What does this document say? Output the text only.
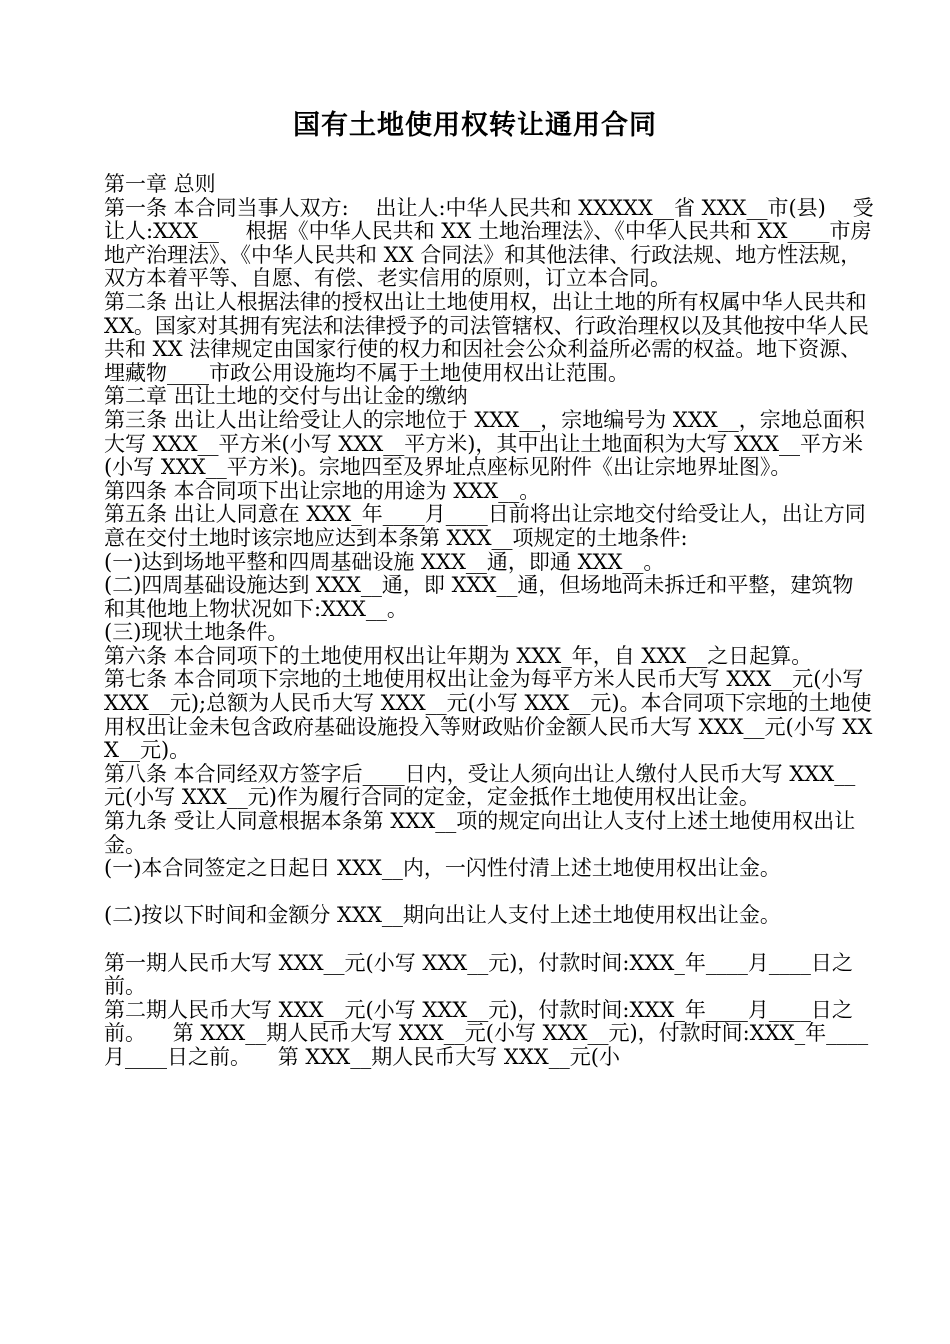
国有土地使用权转让通用合同

第一章 总则

第一条 本合同当事人双方:    出让人:中华人民共和 XXXXX__省 XXX__市(县)    受让人:XXX__    根据《中华人民共和 XX 土地治理法》、《中华人民共和 XX____市房地产治理法》、《中华人民共和 XX 合同法》和其他法律、行政法规、地方性法规，双方本着平等、自愿、有偿、老实信用的原则，订立本合同。

第二条 出让人根据法律的授权出让土地使用权，出让土地的所有权属中华人民共和 XX。国家对其拥有宪法和法律授予的司法管辖权、行政治理权以及其他按中华人民共和 XX 法律规定由国家行使的权力和因社会公众利益所必需的权益。地下资源、埋藏物____市政公用设施均不属于土地使用权出让范围。

第二章 出让土地的交付与出让金的缴纳

第三条 出让人出让给受让人的宗地位于 XXX__，宗地编号为 XXX__，宗地总面积大写 XXX__平方米(小写 XXX__平方米)，其中出让土地面积为大写 XXX__平方米(小写 XXX__平方米)。宗地四至及界址点座标见附件《出让宗地界址图》。

第四条 本合同项下出让宗地的用途为 XXX__。

第五条 出让人同意在 XXX_年____月____日前将出让宗地交付给受让人，出让方同意在交付土地时该宗地应达到本条第 XXX__项规定的土地条件:

(一)达到场地平整和四周基础设施 XXX__通，即通 XXX__。

(二)四周基础设施达到 XXX__通，即 XXX__通，但场地尚未拆迁和平整，建筑物和其他地上物状况如下:XXX__。

(三)现状土地条件。

第六条 本合同项下的土地使用权出让年期为 XXX_年，自 XXX__之日起算。

第七条 本合同项下宗地的土地使用权出让金为每平方米人民币大写 XXX__元(小写 XXX__元);总额为人民币大写 XXX__元(小写 XXX__元)。本合同项下宗地的土地使用权出让金未包含政府基础设施投入等财政贴价金额人民币大写 XXX__元(小写 XXX__元)。

第八条 本合同经双方签字后____日内，受让人须向出让人缴付人民币大写 XXX__元(小写 XXX__元)作为履行合同的定金，定金抵作土地使用权出让金。

第九条 受让人同意根据本条第 XXX__项的规定向出让人支付上述土地使用权出让金。

(一)本合同签定之日起日 XXX__内，一闪性付清上述土地使用权出让金。

(二)按以下时间和金额分 XXX__期向出让人支付上述土地使用权出让金。

第一期人民币大写 XXX__元(小写 XXX__元)，付款时间:XXX_年____月____日之前。

第二期人民币大写 XXX__元(小写 XXX__元)，付款时间:XXX_年____月____日之前。    第 XXX__期人民币大写 XXX__元(小写 XXX__元)，付款时间:XXX_年____月____日之前。    第 XXX__期人民币大写 XXX__元(小
